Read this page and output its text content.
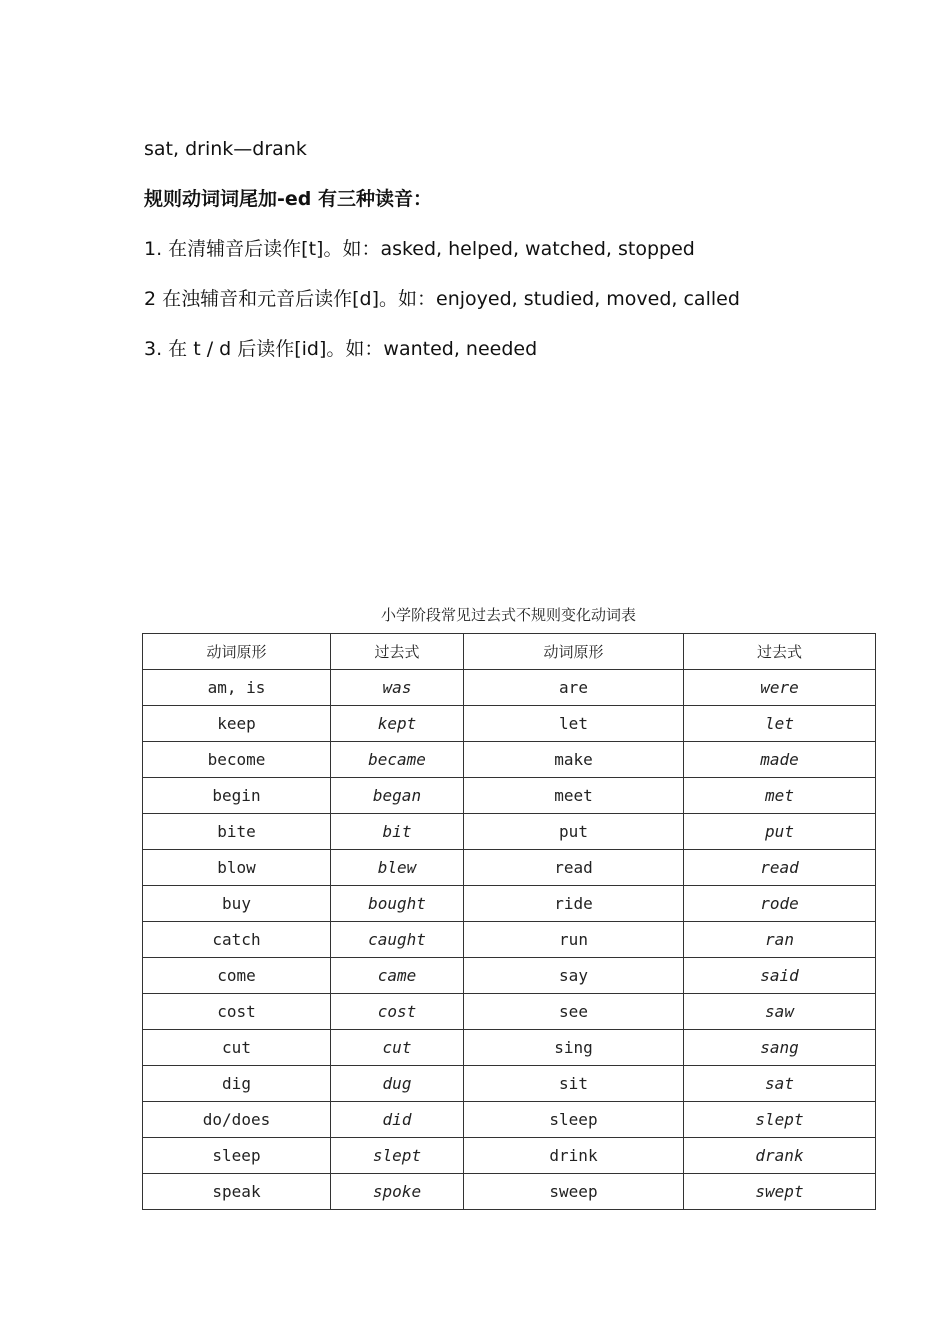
sat, drink—drank
规则动词词尾加-ed 有三种读音：
1. 在清辅音后读作[t]。如：asked, helped, watched, stopped
2 在浊辅音和元音后读作[d]。如：enjoyed, studied, moved, called
3. 在 t / d 后读作[id]。如：wanted, needed
小学阶段常见过去式不规则变化动词表
动词原形	过去式	动词原形	过去式
am, is	was	are	were
keep	kept	let	let
become	became	make	made
begin	began	meet	met
bite	bit	put	put
blow	blew	read	read
buy	bought	ride	rode
catch	caught	run	ran
come	came	say	said
cost	cost	see	saw
cut	cut	sing	sang
dig	dug	sit	sat
do/does	did	sleep	slept
sleep	slept	drink	drank
speak	spoke	sweep	swept
